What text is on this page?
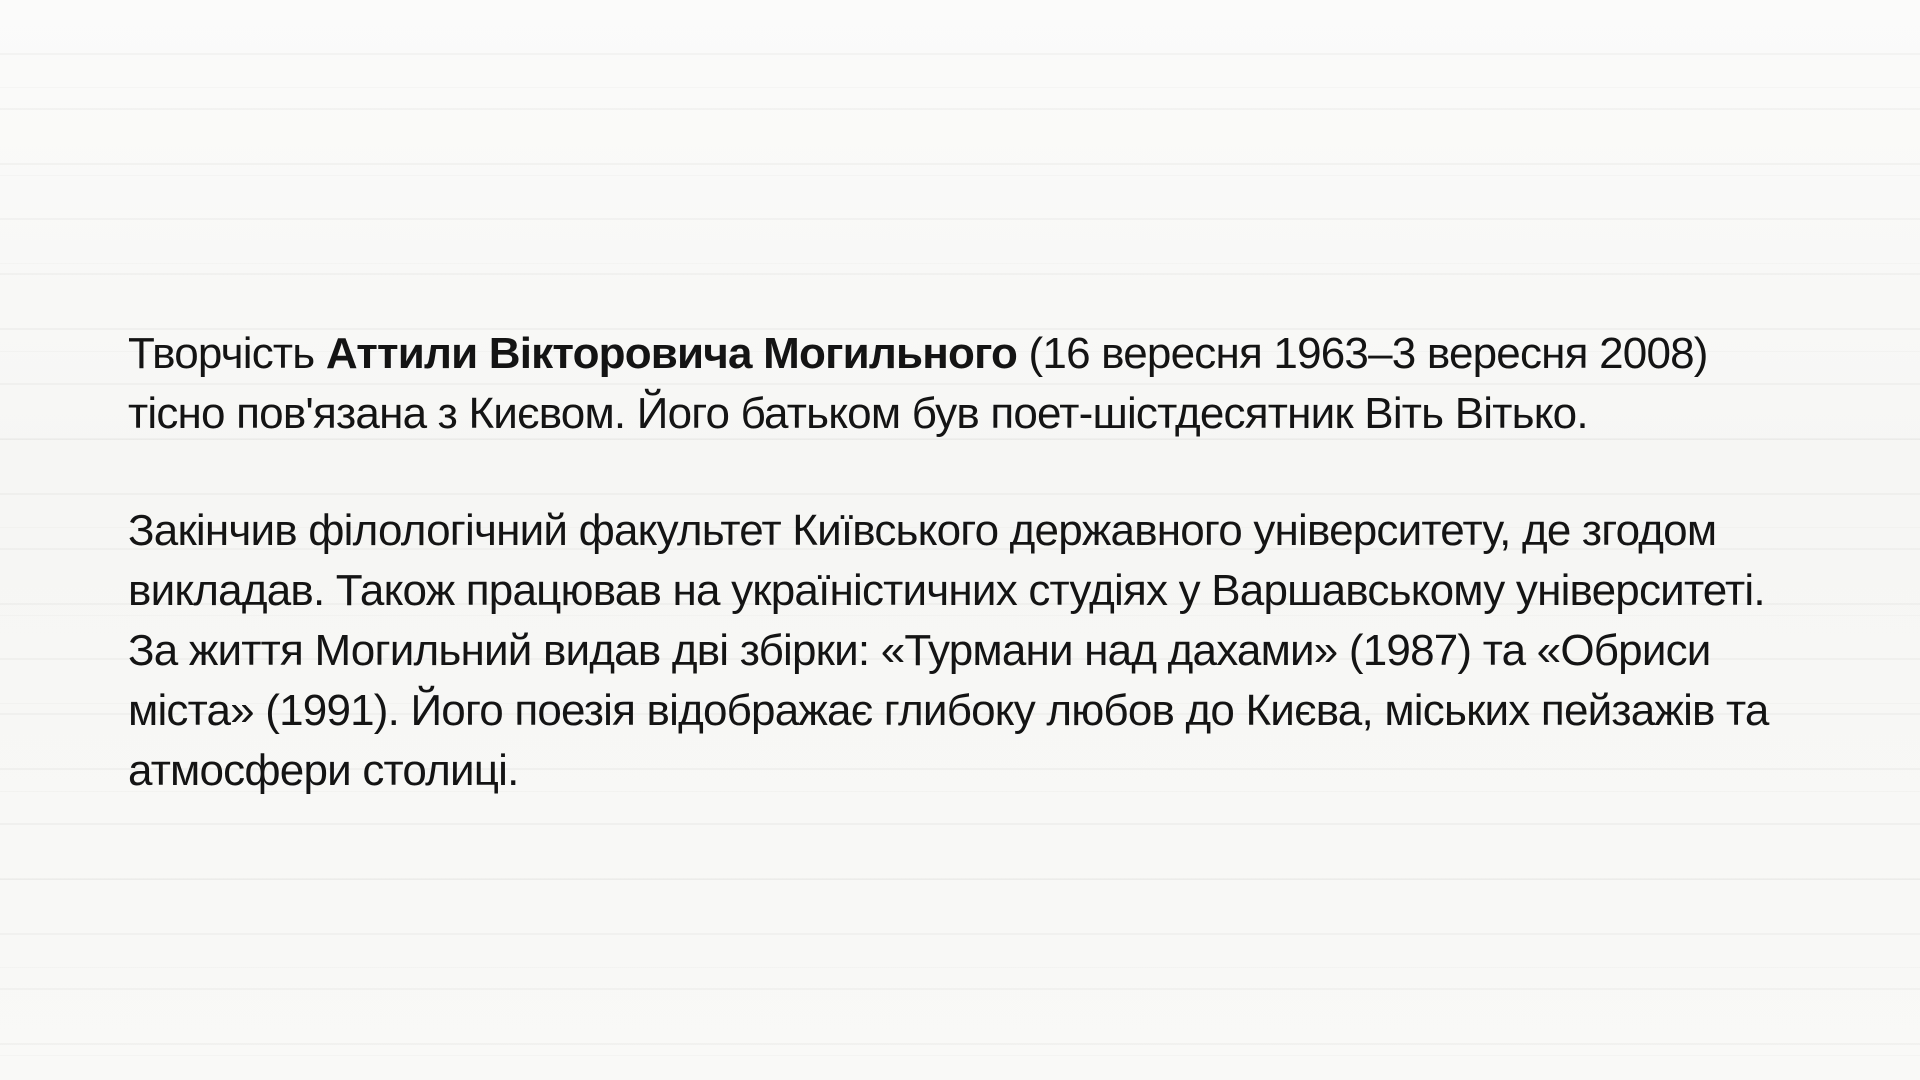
Творчість Аттили Вікторовича Могильного (16 вересня 1963–3 вересня 2008) тісно пов'язана з Києвом. Його батьком був поет-шістдесятник Віть Вітько.

Закінчив філологічний факультет Київського державного університету, де згодом викладав. Також працював на україністичних студіях у Варшавському університеті. За життя Могильний видав дві збірки: «Турмани над дахами» (1987) та «Обриси міста» (1991). Його поезія відображає глибоку любов до Києва, міських пейзажів та атмосфери столиці.
